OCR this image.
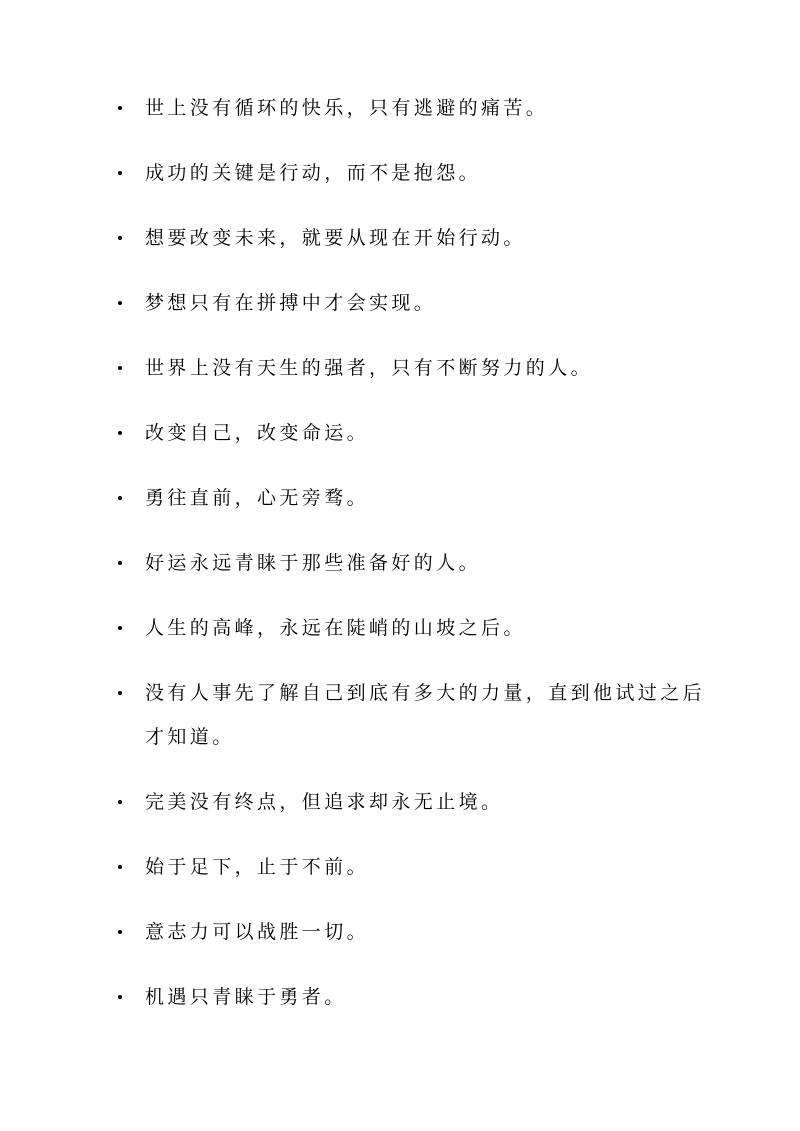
世上没有循环的快乐，只有逃避的痛苦。
成功的关键是行动，而不是抱怨。
想要改变未来，就要从现在开始行动。
梦想只有在拼搏中才会实现。
世界上没有天生的强者，只有不断努力的人。
改变自己，改变命运。
勇往直前，心无旁骛。
好运永远青睐于那些准备好的人。
人生的高峰，永远在陡峭的山坡之后。
没有人事先了解自己到底有多大的力量，直到他试过之后才知道。
完美没有终点，但追求却永无止境。
始于足下，止于不前。
意志力可以战胜一切。
机遇只青睐于勇者。
